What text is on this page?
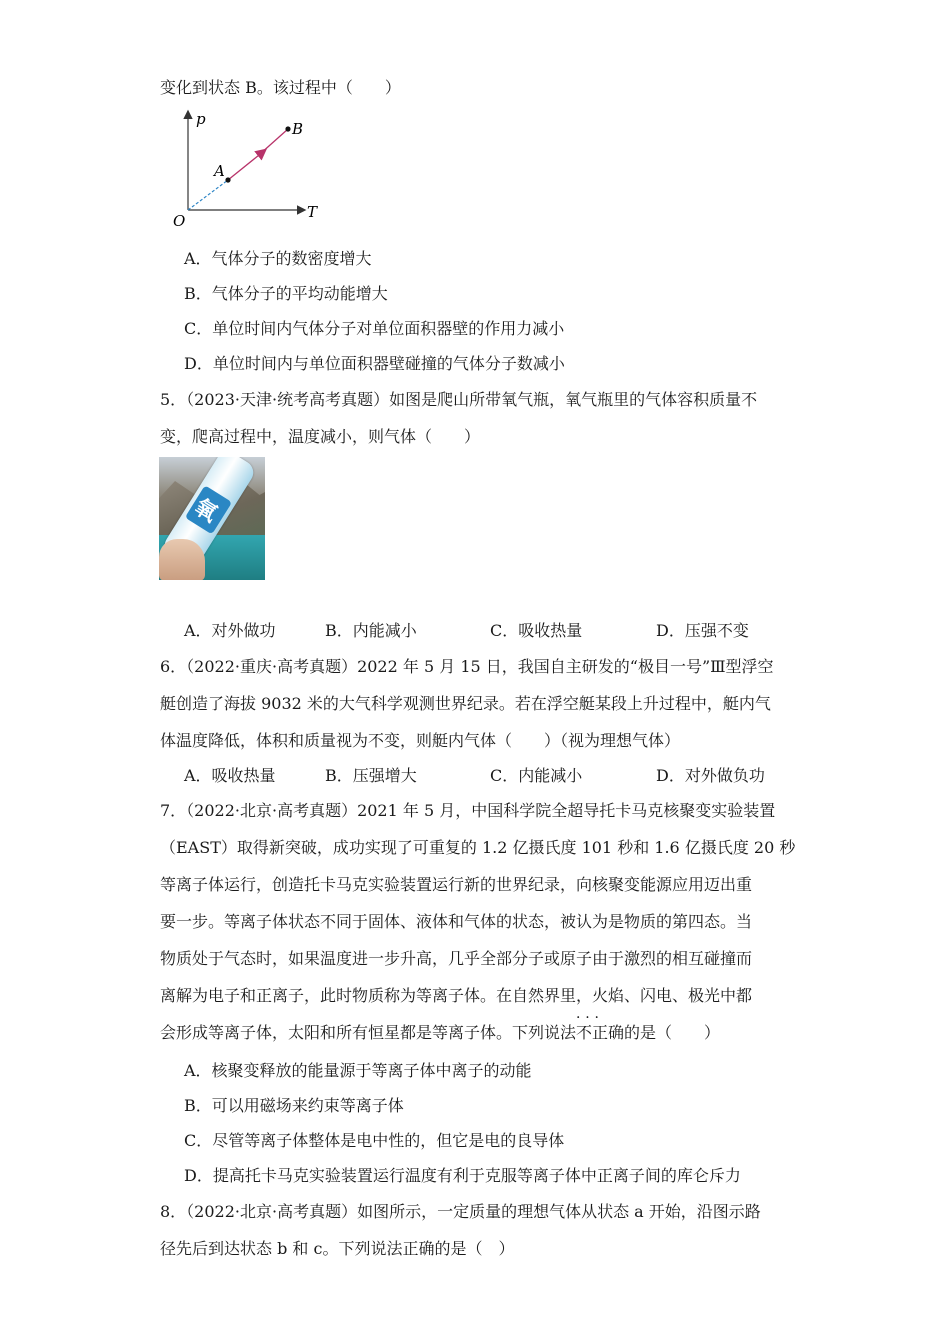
变化到状态 B。该过程中（　　）
p
T
O
A
B
A．气体分子的数密度增大
B．气体分子的平均动能增大
C．单位时间内气体分子对单位面积器壁的作用力减小
D．单位时间内与单位面积器壁碰撞的气体分子数减小
5．（2023·天津·统考高考真题）如图是爬山所带氧气瓶，氧气瓶里的气体容积质量不
变，爬高过程中，温度减小，则气体（　　）
氧
A．对外做功	B．内能减小	C．吸收热量	D．压强不变
6．（2022·重庆·高考真题）2022 年 5 月 15 日，我国自主研发的“极目一号”Ⅲ型浮空
艇创造了海拔 9032 米的大气科学观测世界纪录。若在浮空艇某段上升过程中，艇内气
体温度降低，体积和质量视为不变，则艇内气体（　　）（视为理想气体）
A．吸收热量	B．压强增大	C．内能减小	D．对外做负功
7．（2022·北京·高考真题）2021 年 5 月，中国科学院全超导托卡马克核聚变实验装置
（EAST）取得新突破，成功实现了可重复的 1.2 亿摄氏度 101 秒和 1.6 亿摄氏度 20 秒
等离子体运行，创造托卡马克实验装置运行新的世界纪录，向核聚变能源应用迈出重
要一步。等离子体状态不同于固体、液体和气体的状态，被认为是物质的第四态。当
物质处于气态时，如果温度进一步升高，几乎全部分子或原子由于激烈的相互碰撞而
离解为电子和正离子，此时物质称为等离子体。在自然界里，火焰、闪电、极光中都
会形成等离子体，太阳和所有恒星都是等离子体。下列说法不正确 · · ·的是（　　）
A．核聚变释放的能量源于等离子体中离子的动能
B．可以用磁场来约束等离子体
C．尽管等离子体整体是电中性的，但它是电的良导体
D．提高托卡马克实验装置运行温度有利于克服等离子体中正离子间的库仑斥力
8．（2022·北京·高考真题）如图所示，一定质量的理想气体从状态 a 开始，沿图示路
径先后到达状态 b 和 c。下列说法正确的是（　）
